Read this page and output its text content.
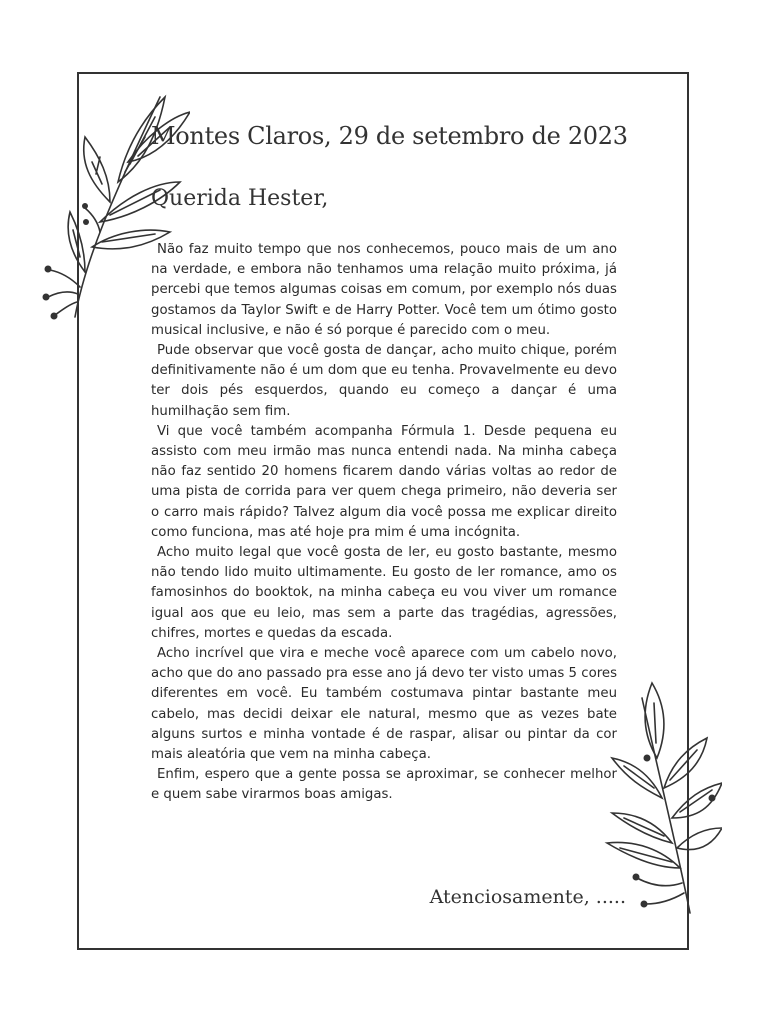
Montes Claros, 29 de setembro de 2023
Querida Hester,

Não faz muito tempo que nos conhecemos, pouco mais de um ano na verdade, e embora não tenhamos uma relação muito próxima, já percebi que temos algumas coisas em comum, por exemplo nós duas gostamos da Taylor Swift e de Harry Potter. Você tem um ótimo gosto musical inclusive, e não é só porque é parecido com o meu.

Pude observar que você gosta de dançar, acho muito chique, porém definitivamente não é um dom que eu tenha. Provavelmente eu devo ter dois pés esquerdos, quando eu começo a dançar é uma humilhação sem fim.

Vi que você também acompanha Fórmula 1. Desde pequena eu assisto com meu irmão mas nunca entendi nada. Na minha cabeça não faz sentido 20 homens ficarem dando várias voltas ao redor de uma pista de corrida para ver quem chega primeiro, não deveria ser o carro mais rápido? Talvez algum dia você possa me explicar direito como funciona, mas até hoje pra mim é uma incógnita.

Acho muito legal que você gosta de ler, eu gosto bastante, mesmo não tendo lido muito ultimamente. Eu gosto de ler romance, amo os famosinhos do booktok, na minha cabeça eu vou viver um romance igual aos que eu leio, mas sem a parte das tragédias, agressões, chifres, mortes e quedas da escada.

Acho incrível que vira e meche você aparece com um cabelo novo, acho que do ano passado pra esse ano já devo ter visto umas 5 cores diferentes em você. Eu também costumava pintar bastante meu cabelo, mas decidi deixar ele natural, mesmo que as vezes bate alguns surtos e minha vontade é de raspar, alisar ou pintar da cor mais aleatória que vem na minha cabeça.

Enfim, espero que a gente possa se aproximar, se conhecer melhor e quem sabe virarmos boas amigas.

Atenciosamente, .....
